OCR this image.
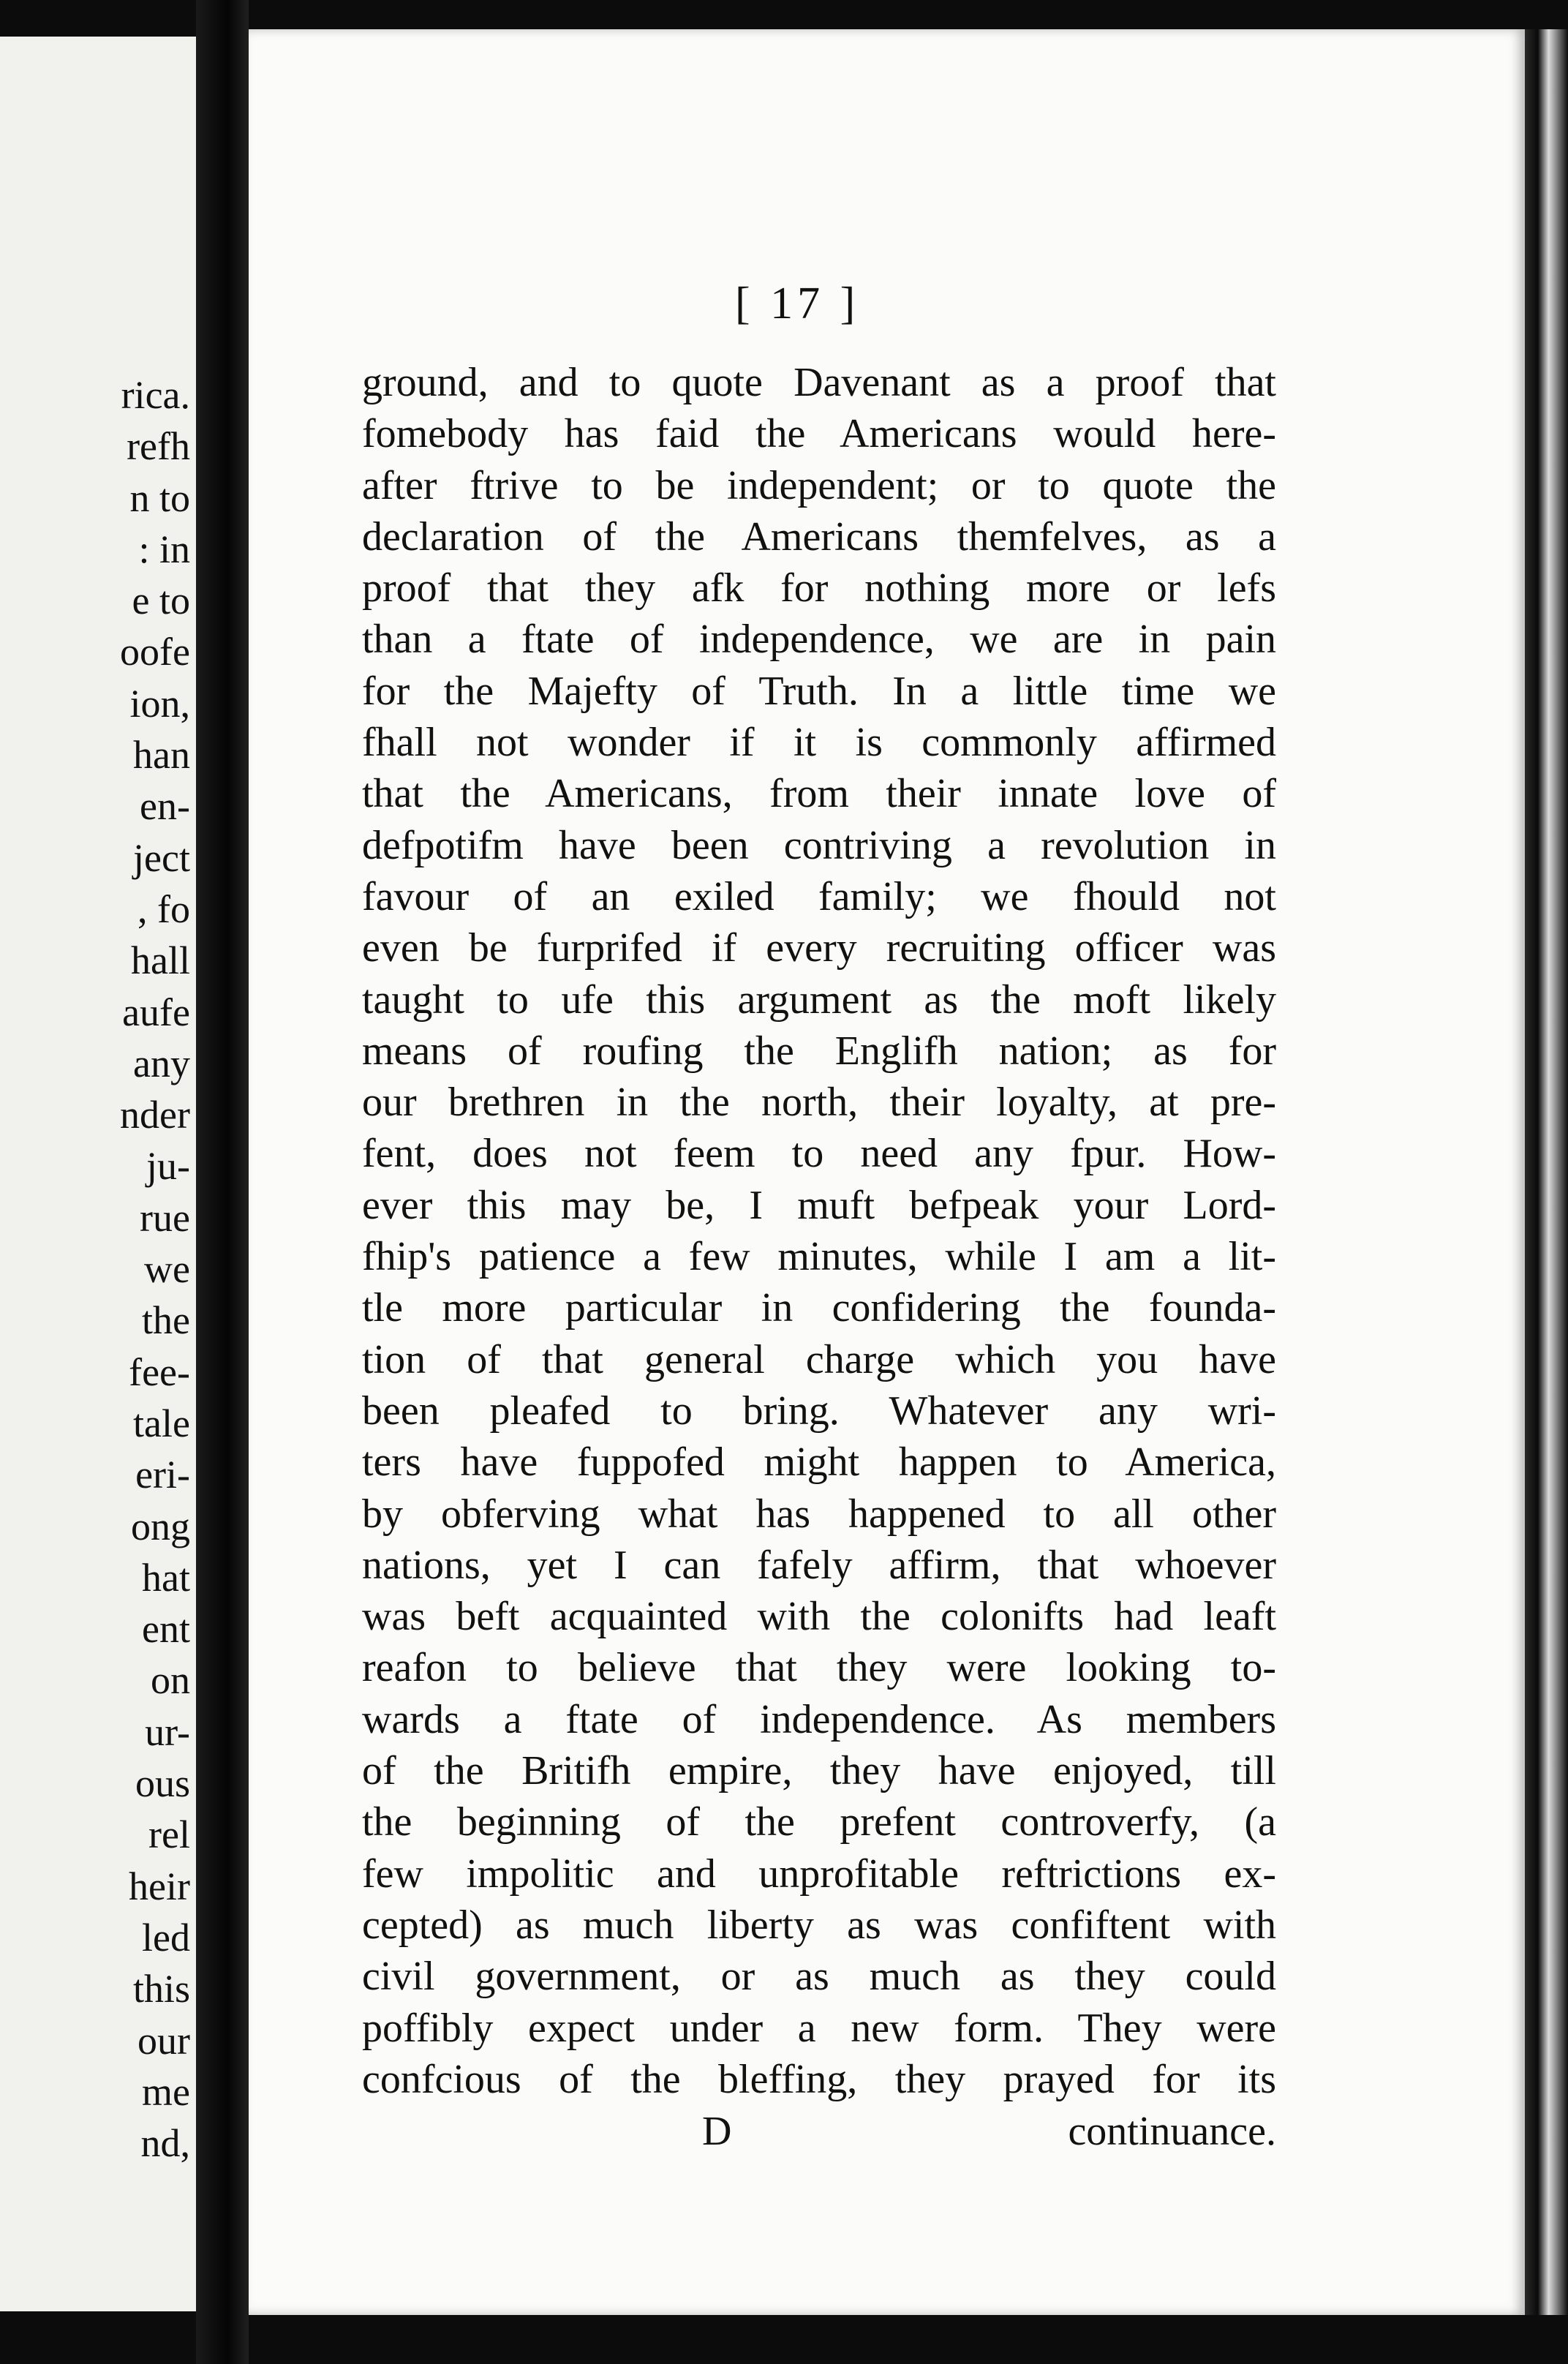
rica.
refh
n to
: in
e to
oofe
ion,
han
en-
ject
, fo
hall
aufe
any
nder
ju-
rue
we
the
fee-
tale
eri-
ong
hat
ent
on
ur-
ous
rel
heir
led
this
our
me
nd,
[ 17 ]
ground, and to quote Davenant as a proof that
fomebody has faid the Americans would here-
after ftrive to be independent; or to quote the
declaration of the Americans themfelves, as a
proof that they afk for nothing more or lefs
than a ftate of independence, we are in pain
for the Majefty of Truth. In a little time we
fhall not wonder if it is commonly affirmed
that the Americans, from their innate love of
defpotifm have been contriving a revolution in
favour of an exiled family; we fhould not
even be furprifed if every recruiting officer was
taught to ufe this argument as the moft likely
means of roufing the Englifh nation; as for
our brethren in the north, their loyalty, at pre-
fent, does not feem to need any fpur. How-
ever this may be, I muft befpeak your Lord-
fhip's patience a few minutes, while I am a lit-
tle more particular in confidering the founda-
tion of that general charge which you have
been pleafed to bring. Whatever any wri-
ters have fuppofed might happen to America,
by obferving what has happened to all other
nations, yet I can fafely affirm, that whoever
was beft acquainted with the colonifts had leaft
reafon to believe that they were looking to-
wards a ftate of independence. As members
of the Britifh empire, they have enjoyed, till
the beginning of the prefent controverfy, (a
few impolitic and unprofitable reftrictions ex-
cepted) as much liberty as was confiftent with
civil government, or as much as they could
poffibly expect under a new form. They were
confcious of the bleffing, they prayed for its
D	continuance.
